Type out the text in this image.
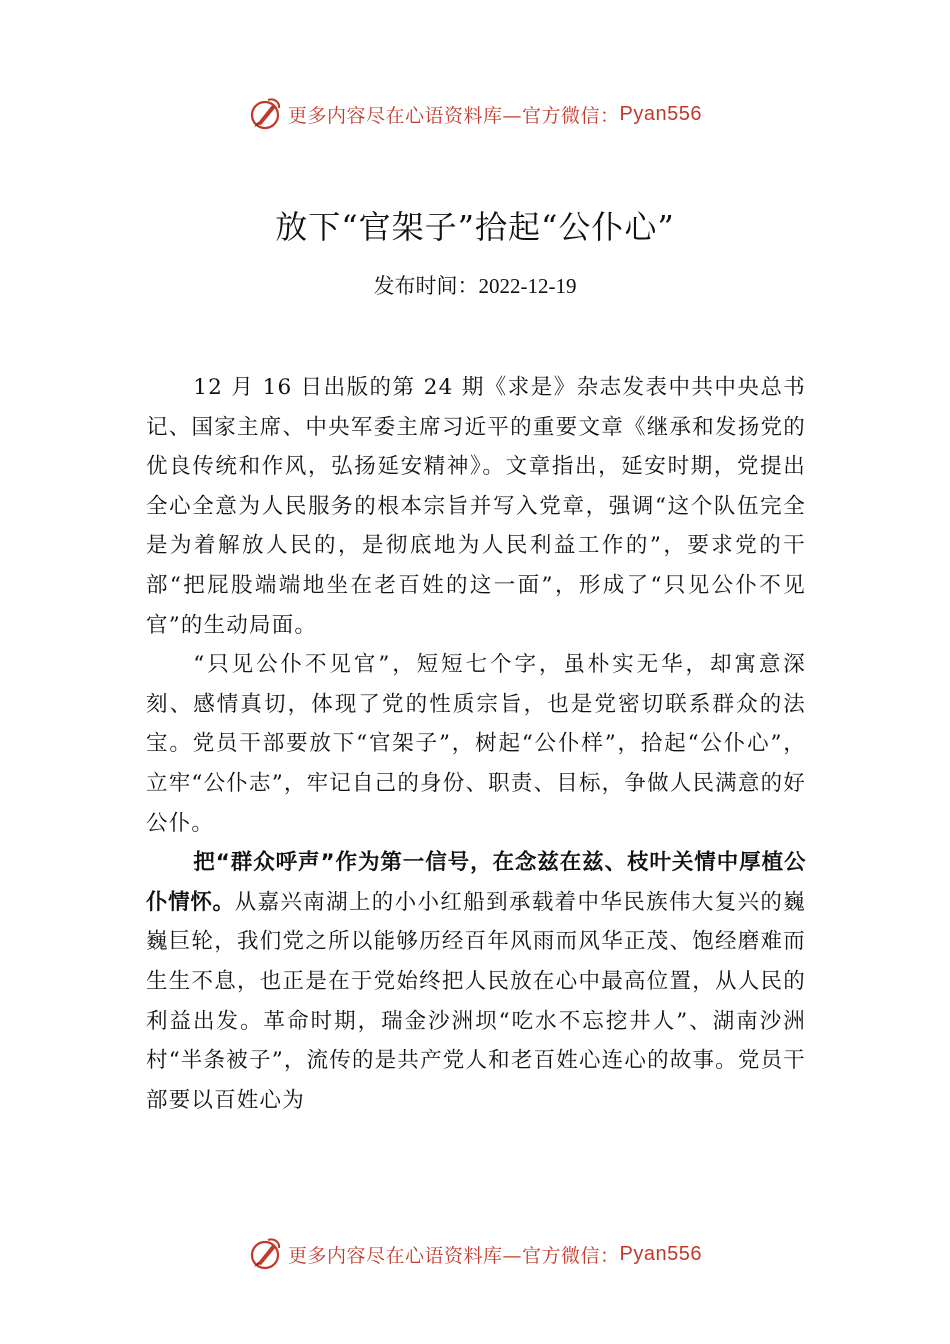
更多内容尽在心语资料库—官方微信： Pyan556
放下“官架子”拾起“公仆心”
发布时间：2022-12-19

12 月 16 日出版的第 24 期《求是》杂志发表中共中央总书记、国家主席、中央军委主席习近平的重要文章《继承和发扬党的优良传统和作风，弘扬延安精神》。文章指出，延安时期，党提出全心全意为人民服务的根本宗旨并写入党章，强调“这个队伍完全是为着解放人民的，是彻底地为人民利益工作的”，要求党的干部“把屁股端端地坐在老百姓的这一面”，形成了“只见公仆不见官”的生动局面。

“只见公仆不见官”，短短七个字，虽朴实无华，却寓意深刻、感情真切，体现了党的性质宗旨，也是党密切联系群众的法宝。党员干部要放下“官架子”，树起“公仆样”，拾起“公仆心”，立牢“公仆志”，牢记自己的身份、职责、目标，争做人民满意的好公仆。

把“群众呼声”作为第一信号，在念兹在兹、枝叶关情中厚植公仆情怀。从嘉兴南湖上的小小红船到承载着中华民族伟大复兴的巍巍巨轮，我们党之所以能够历经百年风雨而风华正茂、饱经磨难而生生不息，也正是在于党始终把人民放在心中最高位置，从人民的利益出发。革命时期，瑞金沙洲坝“吃水不忘挖井人”、湖南沙洲村“半条被子”，流传的是共产党人和老百姓心连心的故事。党员干部要以百姓心为

更多内容尽在心语资料库—官方微信： Pyan556
